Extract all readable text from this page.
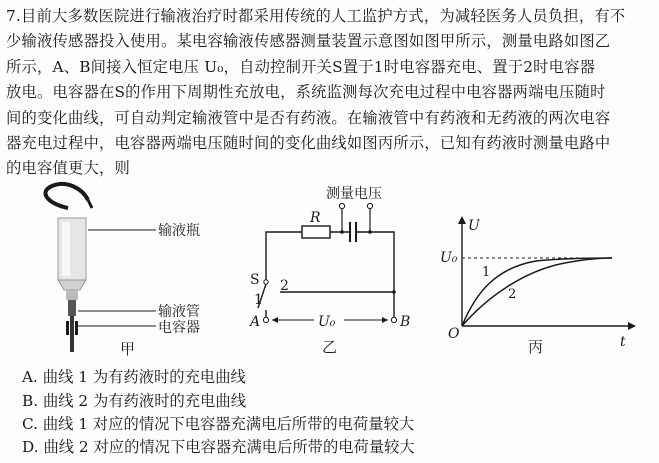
7.目前大多数医院进行输液治疗时都采用传统的人工监护方式，为减轻医务人员负担，有不
少输液传感器投入使用。某电容输液传感器测量装置示意图如图甲所示，测量电路如图乙
所示，A、B间接入恒定电压 U₀，自动控制开关S置于1时电容器充电、置于2时电容器
放电。电容器在S的作用下周期性充放电，系统监测每次充电过程中电容器两端电压随时
间的变化曲线，可自动判定输液管中是否有药液。在输液管中有药液和无药液的两次电容
器充电过程中，电容器两端电压随时间的变化曲线如图丙所示，已知有药液时测量电路中
的电容值更大，则
输液瓶
输液管
电容器
甲
测量电压
R
S 2
1
A	B
U₀
乙
U
t
O
U₀
1
2
丙
A. 曲线 1 为有药液时的充电曲线
B. 曲线 2 为有药液时的充电曲线
C. 曲线 1 对应的情况下电容器充满电后所带的电荷量较大
D. 曲线 2 对应的情况下电容器充满电后所带的电荷量较大
